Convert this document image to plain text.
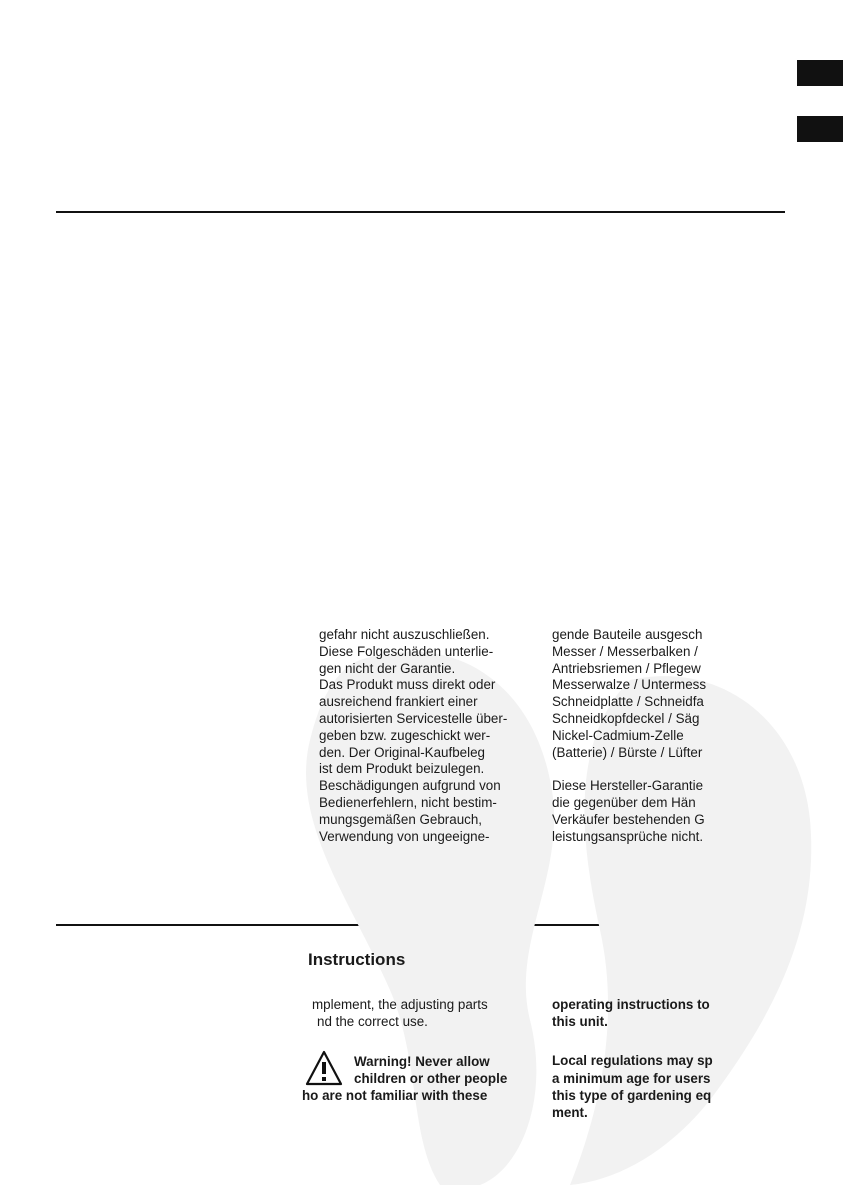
gefahr nicht auszuschließen.
Diese Folgeschäden unterlie-
gen nicht der Garantie.
Das Produkt muss direkt oder
ausreichend frankiert einer
autorisierten Servicestelle über-
geben bzw. zugeschickt wer-
den. Der Original-Kaufbeleg
ist dem Produkt beizulegen.
Beschädigungen aufgrund von
Bedienerfehlern, nicht bestim-
mungsgemäßen Gebrauch,
Verwendung von ungeeigne-
gende Bauteile ausgesch
Messer / Messerbalken /
Antriebsriemen / Pflegew
Messerwalze / Untermess
Schneidplatte / Schneidfa
Schneidkopfdeckel / Säg
Nickel-Cadmium-Zelle
(Batterie) / Bürste / Lüfter
Diese Hersteller-Garantie
die gegenüber dem Hän
Verkäufer bestehenden G
leistungsansprüche nicht.
Instructions
mplement, the adjusting parts
nd the correct use.
Warning! Never allow
children or other people
ho are not familiar with these
operating instructions to
this unit.
Local regulations may sp
a minimum age for users
this type of gardening eq
ment.
